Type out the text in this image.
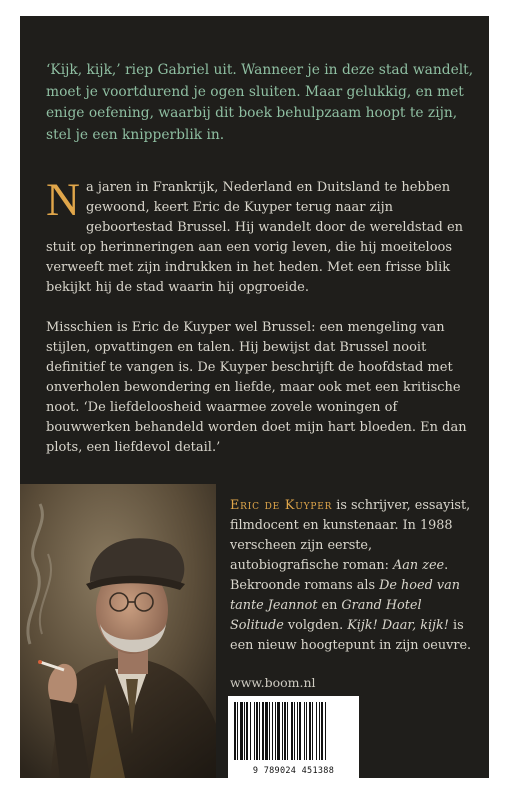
‘Kijk, kijk,’ riep Gabriel uit. Wanneer je in deze stad wandelt, moet je voortdurend je ogen sluiten. Maar gelukkig, en met enige oefening, waarbij dit boek behulpzaam hoopt te zijn, stel je een knipperblik in.

Na jaren in Frankrijk, Nederland en Duitsland te hebben gewoond, keert Eric de Kuyper terug naar zijn geboortestad Brussel. Hij wandelt door de wereldstad en stuit op herinneringen aan een vorig leven, die hij moeiteloos verweeft met zijn indrukken in het heden. Met een frisse blik bekijkt hij de stad waarin hij opgroeide.

Misschien is Eric de Kuyper wel Brussel: een mengeling van stijlen, opvattingen en talen. Hij bewijst dat Brussel nooit definitief te vangen is. De Kuyper beschrijft de hoofdstad met onverholen bewondering en liefde, maar ook met een kritische noot. ‘De liefdeloosheid waarmee zovele woningen of bouwwerken behandeld worden doet mijn hart bloeden. En dan plots, een liefdevol detail.’

Eric de Kuyper is schrijver, essayist, filmdocent en kunstenaar. In 1988 verscheen zijn eerste, autobiografische roman: Aan zee. Bekroonde romans als De hoed van tante Jeannot en Grand Hotel Solitude volgden. Kijk! Daar, kijk! is een nieuw hoogtepunt in zijn oeuvre.

www.boom.nl
9 789024 451388
